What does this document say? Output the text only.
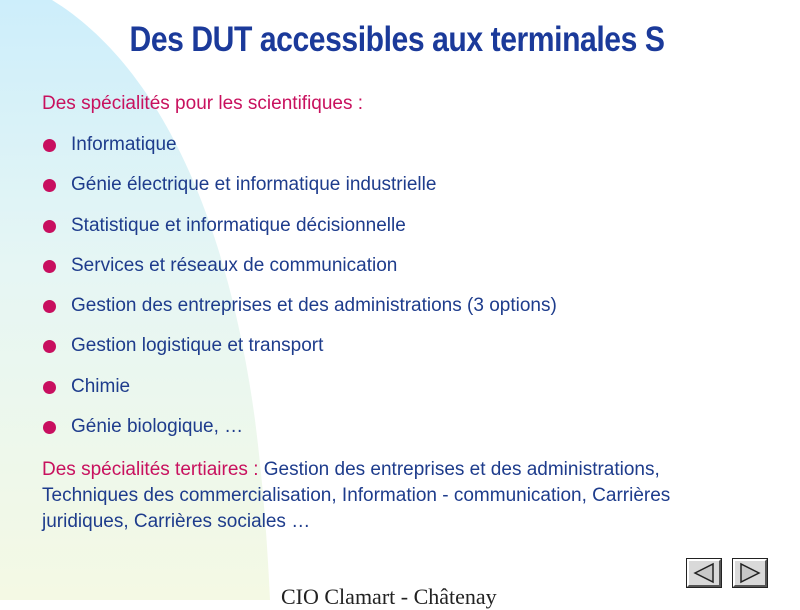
Des DUT accessibles aux terminales S
Des spécialités pour les scientifiques :
Informatique
Génie électrique et informatique industrielle
Statistique et informatique décisionnelle
Services et réseaux de communication
Gestion des entreprises et des administrations (3 options)
Gestion logistique et transport
Chimie
Génie biologique, …
Des spécialités tertiaires : Gestion des entreprises et des administrations, Techniques des commercialisation, Information - communication, Carrières juridiques, Carrières sociales …
CIO Clamart - Châtenay
